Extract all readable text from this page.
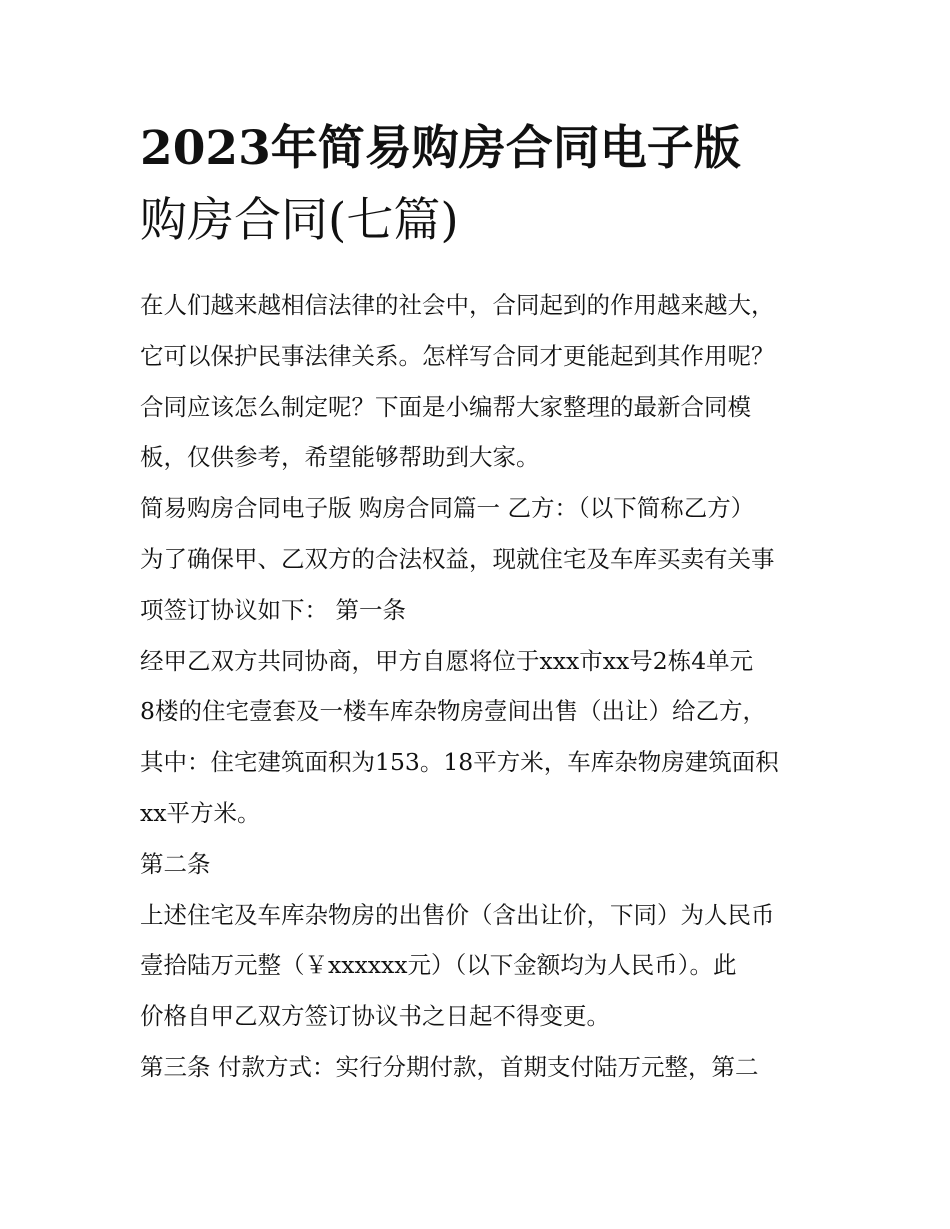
2023年简易购房合同电子版
购房合同(七篇)
在人们越来越相信法律的社会中，合同起到的作用越来越大，
它可以保护民事法律关系。怎样写合同才更能起到其作用呢？
合同应该怎么制定呢？下面是小编帮大家整理的最新合同模
板，仅供参考，希望能够帮助到大家。
简易购房合同电子版 购房合同篇一 乙方：（以下简称乙方）
为了确保甲、乙双方的合法权益，现就住宅及车库买卖有关事
项签订协议如下： 第一条
经甲乙双方共同协商，甲方自愿将位于xxx市xx号2栋4单元
8楼的住宅壹套及一楼车库杂物房壹间出售（出让）给乙方，
其中：住宅建筑面积为153。18平方米，车库杂物房建筑面积
xx平方米。
第二条
上述住宅及车库杂物房的出售价（含出让价，下同）为人民币
壹拾陆万元整（￥xxxxxx元）（以下金额均为人民币）。此
价格自甲乙双方签订协议书之日起不得变更。
第三条 付款方式：实行分期付款，首期支付陆万元整，第二
